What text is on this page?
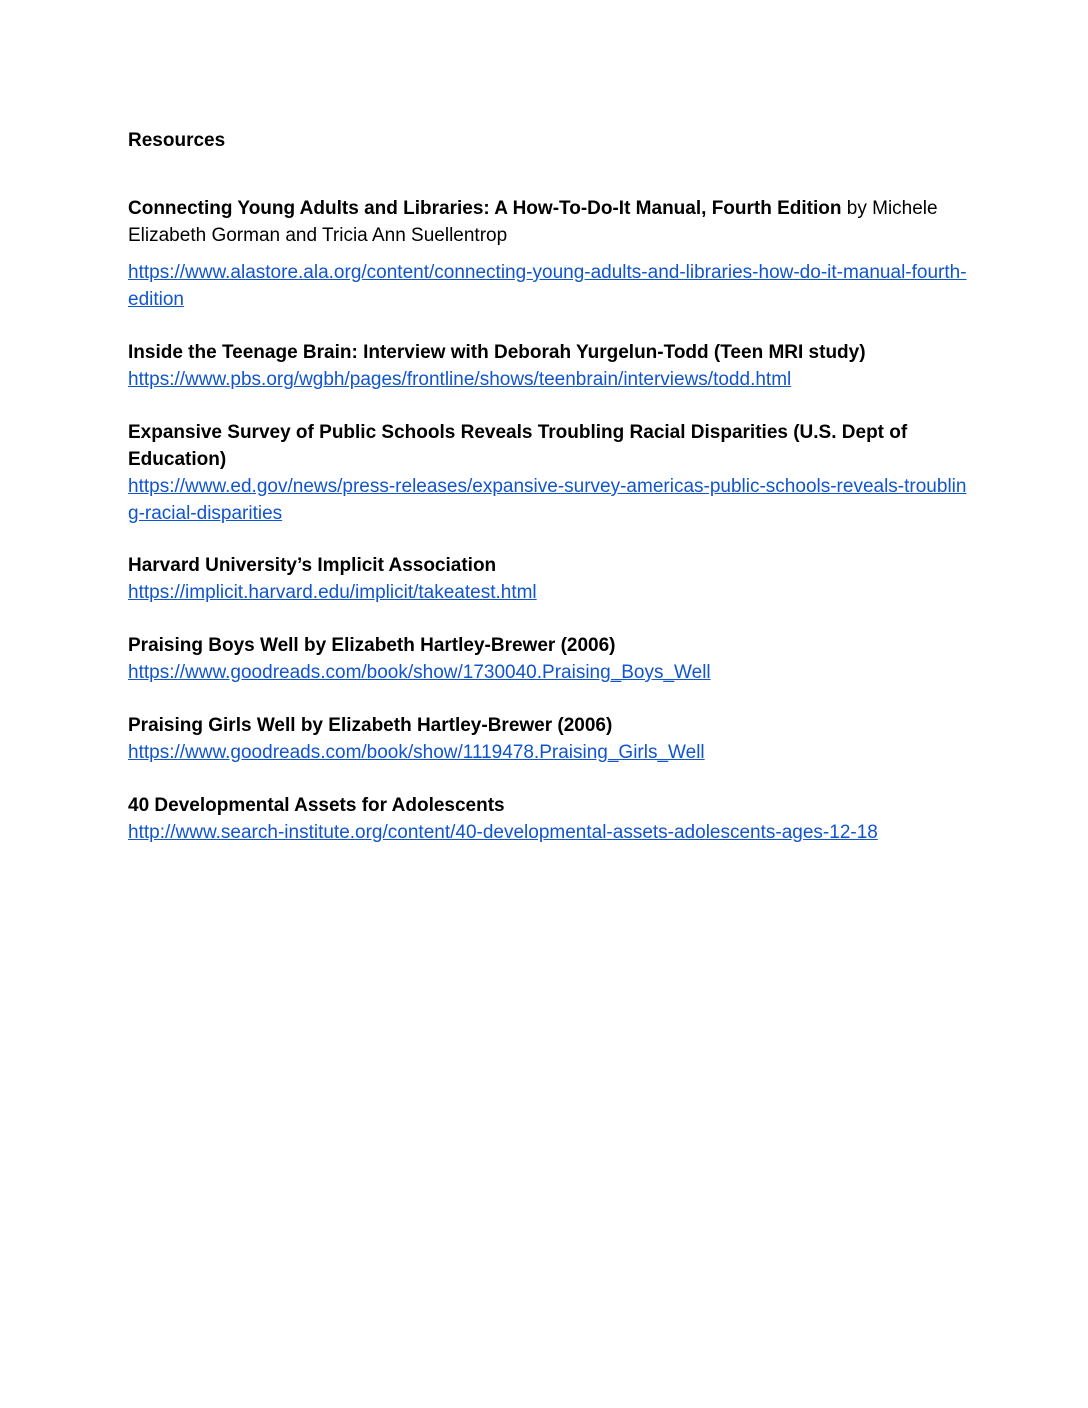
Resources

Connecting Young Adults and Libraries: A How-To-Do-It Manual, Fourth Edition by Michele Elizabeth Gorman and Tricia Ann Suellentrop

https://www.alastore.ala.org/content/connecting-young-adults-and-libraries-how-do-it-manual-fourth-edition

Inside the Teenage Brain: Interview with Deborah Yurgelun-Todd (Teen MRI study)

https://www.pbs.org/wgbh/pages/frontline/shows/teenbrain/interviews/todd.html

Expansive Survey of Public Schools Reveals Troubling Racial Disparities (U.S. Dept of Education)

https://www.ed.gov/news/press-releases/expansive-survey-americas-public-schools-reveals-troubling-racial-disparities

Harvard University’s Implicit Association

https://implicit.harvard.edu/implicit/takeatest.html

Praising Boys Well by Elizabeth Hartley-Brewer (2006)

https://www.goodreads.com/book/show/1730040.Praising_Boys_Well

Praising Girls Well by Elizabeth Hartley-Brewer (2006)

https://www.goodreads.com/book/show/1119478.Praising_Girls_Well

40 Developmental Assets for Adolescents

http://www.search-institute.org/content/40-developmental-assets-adolescents-ages-12-18
